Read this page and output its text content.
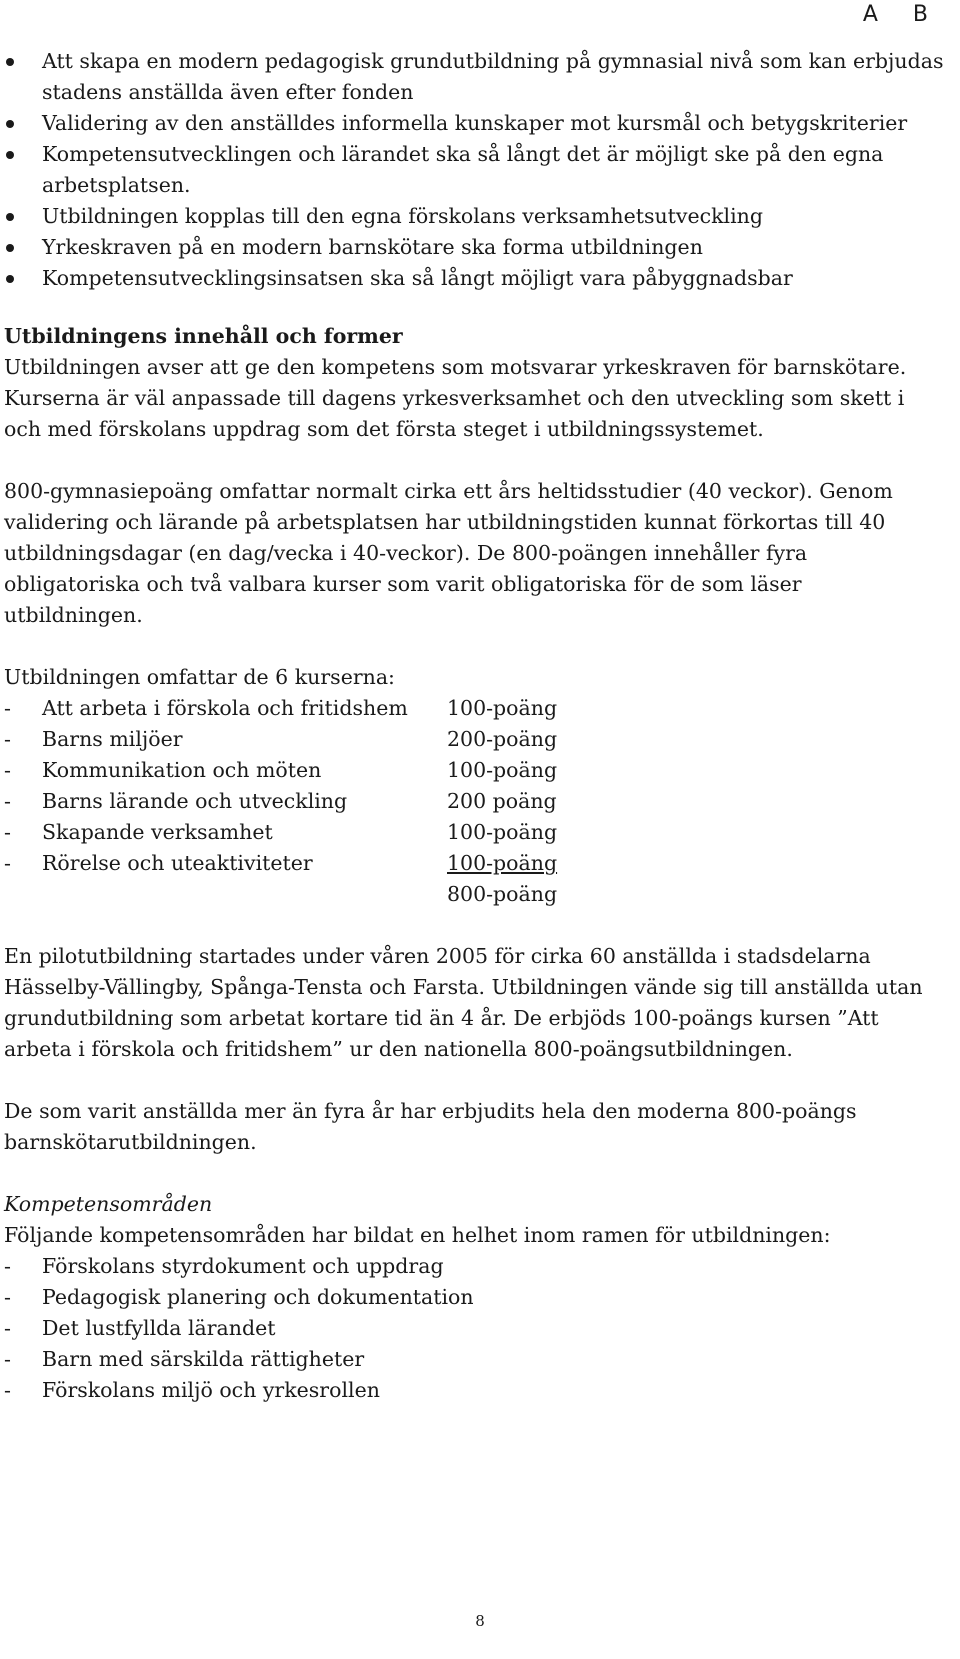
A B
Att skapa en modern pedagogisk grundutbildning på gymnasial nivå som kan erbjudas stadens anställda även efter fonden
Validering av den anställdes informella kunskaper mot kursmål och betygskriterier
Kompetensutvecklingen och lärandet ska så långt det är möjligt ske på den egna arbetsplatsen.
Utbildningen kopplas till den egna förskolans verksamhetsutveckling
Yrkeskraven på en modern barnskötare ska forma utbildningen
Kompetensutvecklingsinsatsen ska så långt möjligt vara påbyggnadsbar
Utbildningens innehåll och former

Utbildningen avser att ge den kompetens som motsvarar yrkeskraven för barnskötare. Kurserna är väl anpassade till dagens yrkesverksamhet och den utveckling som skett i och med förskolans uppdrag som det första steget i utbildningssystemet.

800-gymnasiepoäng omfattar normalt cirka ett års heltidsstudier (40 veckor). Genom validering och lärande på arbetsplatsen har utbildningstiden kunnat förkortas till 40 utbildningsdagar (en dag/vecka i 40-veckor). De 800-poängen innehåller fyra obligatoriska och två valbara kurser som varit obligatoriska för de som läser utbildningen.

Utbildningen omfattar de 6 kurserna:

-	Att arbeta i förskola och fritidshem	100-poäng
-	Barns miljöer	200-poäng
-	Kommunikation och möten	100-poäng
-	Barns lärande och utveckling	200 poäng
-	Skapande verksamhet	100-poäng
-	Rörelse och uteaktiviteter	100-poäng
		800-poäng

En pilotutbildning startades under våren 2005 för cirka 60 anställda i stadsdelarna Hässelby-Vällingby, Spånga-Tensta och Farsta. Utbildningen vände sig till anställda utan grundutbildning som arbetat kortare tid än 4 år. De erbjöds 100-poängs kursen ”Att arbeta i förskola och fritidshem” ur den nationella 800-poängsutbildningen.

De som varit anställda mer än fyra år har erbjudits hela den moderna 800-poängs barnskötarutbildningen.

Kompetensområden

Följande kompetensområden har bildat en helhet inom ramen för utbildningen:

- Förskolans styrdokument och uppdrag
- Pedagogisk planering och dokumentation
- Det lustfyllda lärandet
- Barn med särskilda rättigheter
- Förskolans miljö och yrkesrollen
8
